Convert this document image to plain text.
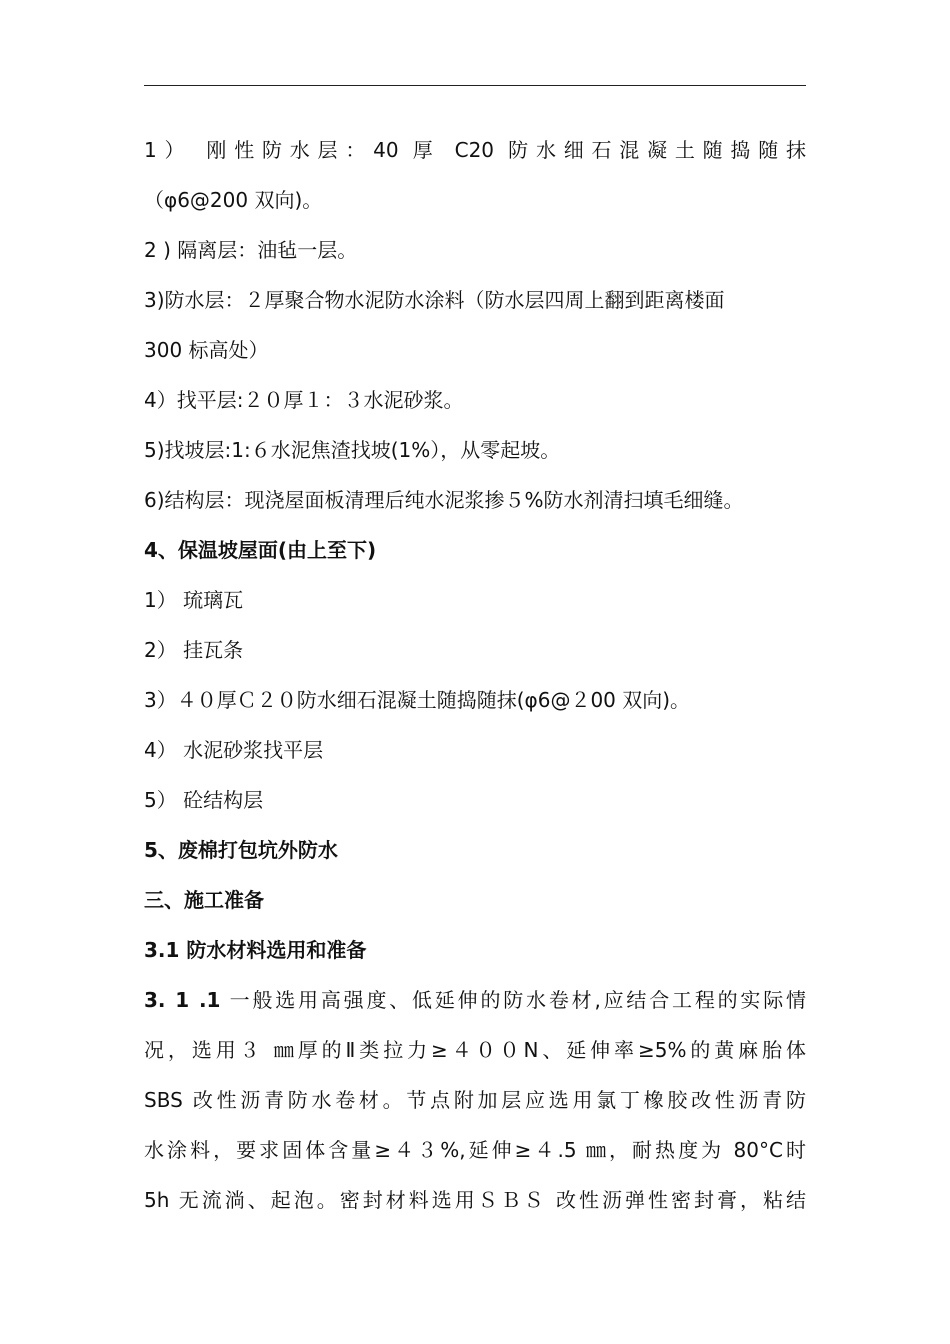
1） 刚性防水层：40 厚 C20 防水细石混凝土随捣随抹
（φ6@200 双向)。
2 ) 隔离层：油毡一层。
3)防水层：２厚聚合物水泥防水涂料（防水层四周上翻到距离楼面
300 标高处）
4）找平层:２０厚１：３水泥砂浆。
5)找坡层:1:６水泥焦渣找坡(1%），从零起坡。
6)结构层：现浇屋面板清理后纯水泥浆掺５%防水剂清扫填毛细缝。
4、保温坡屋面(由上至下)
1） 琉璃瓦
2） 挂瓦条
3）４０厚Ｃ２０防水细石混凝土随捣随抹(φ6@２00 双向)。
4） 水泥砂浆找平层
5） 砼结构层
5、废棉打包坑外防水
三、施工准备
3.1 防水材料选用和准备
3. 1 .1 一般选用高强度、低延伸的防水卷材,应结合工程的实际情
况，选用３ ㎜厚的Ⅱ类拉力≥４００N、延伸率≥5%的黄麻胎体
SBS 改性沥青防水卷材。节点附加层应选用氯丁橡胶改性沥青防
水涂料，要求固体含量≥４３%,延伸≥４.5 ㎜，耐热度为 80°C时
5h 无流淌、起泡。密封材料选用ＳＢＳ 改性沥弹性密封膏，粘结
